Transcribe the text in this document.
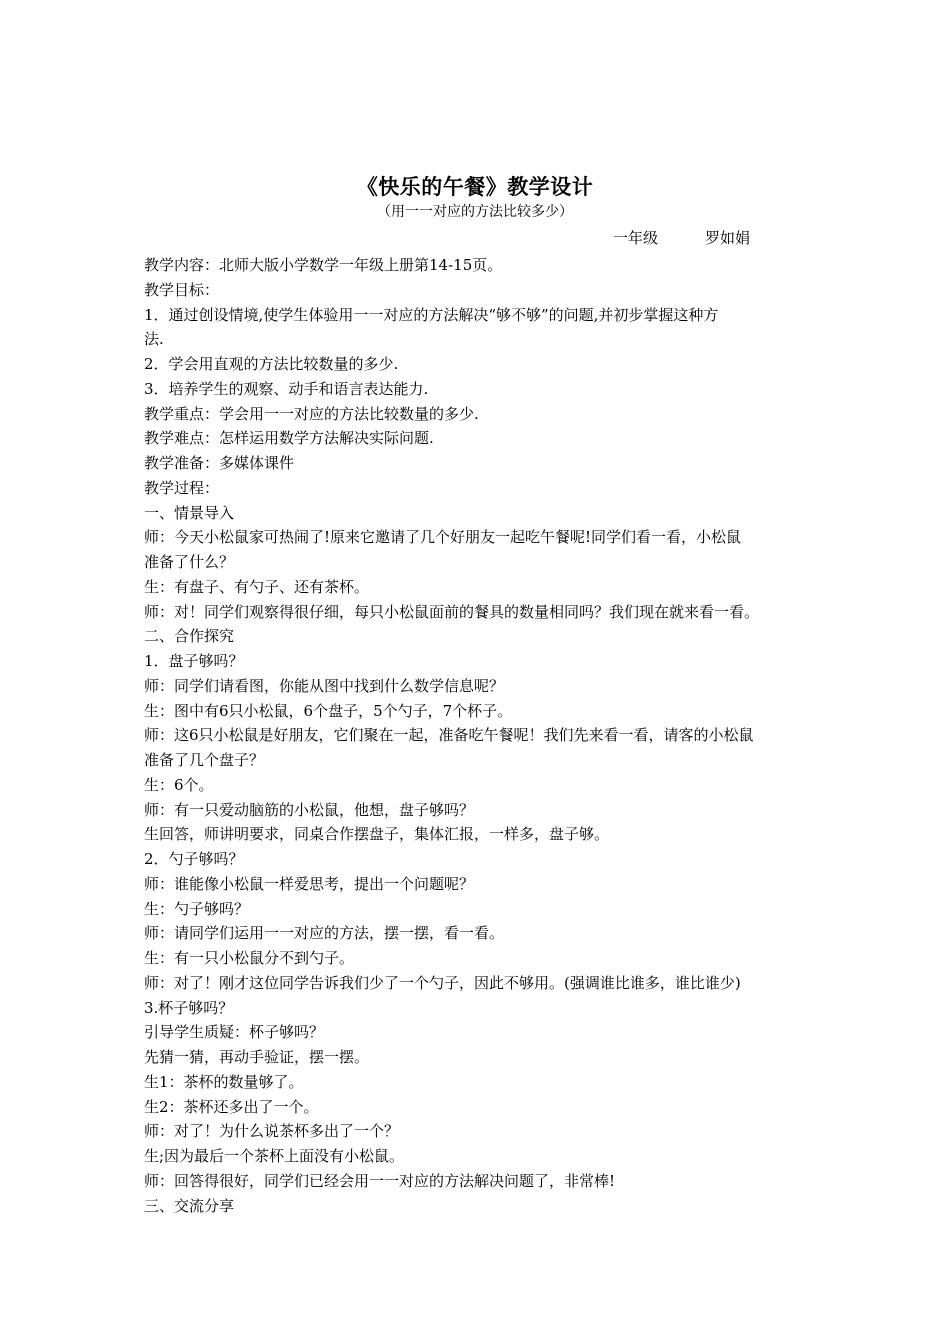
《快乐的午餐》教学设计
（用一一对应的方法比较多少）
一年级	罗如娟
教学内容：北师大版小学数学一年级上册第14-15页。
教学目标：
1．通过创设情境,使学生体验用一一对应的方法解决“够不够”的问题,并初步掌握这种方
法.
2．学会用直观的方法比较数量的多少.
3．培养学生的观察、动手和语言表达能力.
教学重点：学会用一一对应的方法比较数量的多少.
教学难点：怎样运用数学方法解决实际问题.
教学准备：多媒体课件
教学过程：
一、情景导入
师：今天小松鼠家可热闹了!原来它邀请了几个好朋友一起吃午餐呢!同学们看一看，小松鼠
准备了什么？
生：有盘子、有勺子、还有茶杯。
师：对！同学们观察得很仔细，每只小松鼠面前的餐具的数量相同吗？我们现在就来看一看。
二、合作探究
1．盘子够吗？
师：同学们请看图，你能从图中找到什么数学信息呢？
生：图中有6只小松鼠，6个盘子，5个勺子，7个杯子。
师：这6只小松鼠是好朋友，它们聚在一起，准备吃午餐呢！我们先来看一看，请客的小松鼠
准备了几个盘子？
生：6个。
师：有一只爱动脑筋的小松鼠，他想，盘子够吗？
生回答，师讲明要求，同桌合作摆盘子，集体汇报，一样多，盘子够。
2．勺子够吗？
师：谁能像小松鼠一样爱思考，提出一个问题呢？
生：勺子够吗？
师：请同学们运用一一对应的方法，摆一摆，看一看。
生：有一只小松鼠分不到勺子。
师：对了！刚才这位同学告诉我们少了一个勺子，因此不够用。(强调谁比谁多，谁比谁少)
3.杯子够吗？
引导学生质疑：杯子够吗？
先猜一猜，再动手验证，摆一摆。
生1：茶杯的数量够了。
生2：茶杯还多出了一个。
师：对了！为什么说茶杯多出了一个？
生;因为最后一个茶杯上面没有小松鼠。
师：回答得很好，同学们已经会用一一对应的方法解决问题了，非常棒!
三、交流分享
